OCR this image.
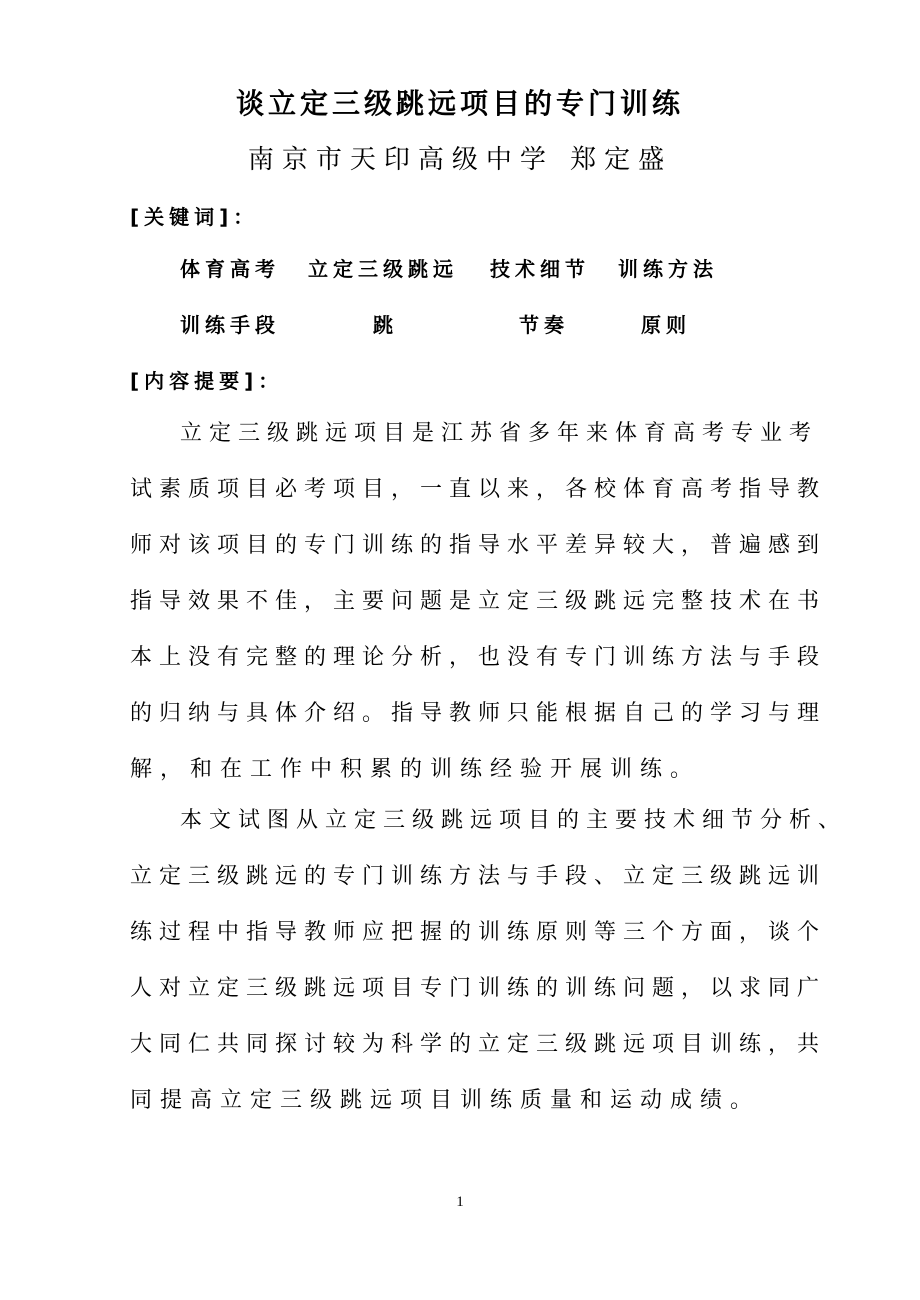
谈立定三级跳远项目的专门训练
南京市天印高级中学 郑定盛
[关键词]：
体育高考 立定三级跳远 技术细节 训练方法
训练手段	跳	节奏	原则
[内容提要]：
立 定 三 级 跳 远 项 目 是 江 苏 省 多 年 来 体 育 高 考 专 业 考
试 素 质 项 目 必 考 项 目 ， 一 直 以 来 ， 各 校 体 育 高 考 指 导 教
师 对 该 项 目 的 专 门 训 练 的 指 导 水 平 差 异 较 大 ， 普 遍 感 到
指 导 效 果 不 佳 ， 主 要 问 题 是 立 定 三 级 跳 远 完 整 技 术 在 书
本 上 没 有 完 整 的 理 论 分 析 ， 也 没 有 专 门 训 练 方 法 与 手 段
的 归 纳 与 具 体 介 绍 。 指 导 教 师 只 能 根 据 自 己 的 学 习 与 理
解，和在工作中积累的训练经验开展训练。
本 文 试 图 从 立 定 三 级 跳 远 项 目 的 主 要 技 术 细 节 分 析 、
立 定 三 级 跳 远 的 专 门 训 练 方 法 与 手 段 、 立 定 三 级 跳 远 训
练 过 程 中 指 导 教 师 应 把 握 的 训 练 原 则 等 三 个 方 面 ， 谈 个
人 对 立 定 三 级 跳 远 项 目 专 门 训 练 的 训 练 问 题 ， 以 求 同 广
大 同 仁 共 同 探 讨 较 为 科 学 的 立 定 三 级 跳 远 项 目 训 练 ， 共
同提高立定三级跳远项目训练质量和运动成绩。
1
